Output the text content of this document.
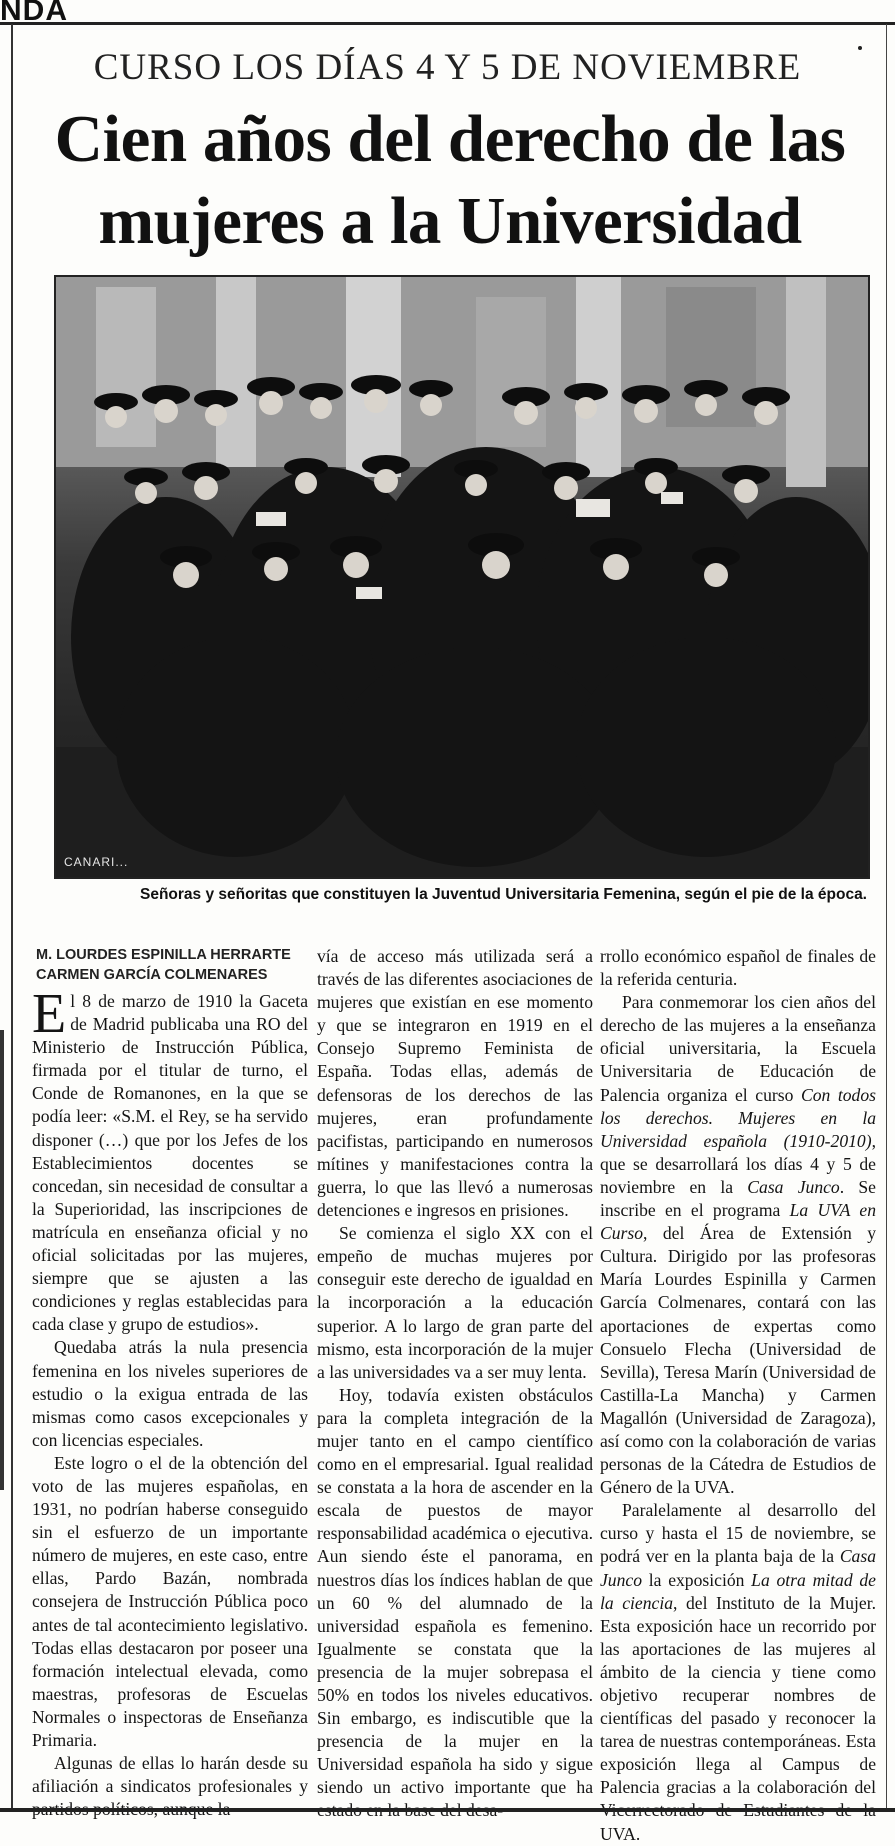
NDA
CURSO LOS DÍAS 4 Y 5 DE NOVIEMBRE
Cien años del derecho de las
mujeres a la Universidad
CANARI...
Señoras y señoritas que constituyen la Juventud Universitaria Femenina, según el pie de la época.
M. LOURDES ESPINILLA HERRARTE
CARMEN GARCÍA COLMENARES

El 8 de marzo de 1910 la Gaceta de Madrid publicaba una RO del Ministerio de Instrucción Pública, firmada por el titular de turno, el Conde de Romanones, en la que se podía leer: «S.M. el Rey, se ha servido disponer (…) que por los Jefes de los Establecimientos docentes se concedan, sin necesidad de consultar a la Superioridad, las inscripciones de matrícula en enseñanza oficial y no oficial solicitadas por las mujeres, siempre que se ajusten a las condiciones y reglas establecidas para cada clase y grupo de estudios».

Quedaba atrás la nula presencia femenina en los niveles superiores de estudio o la exigua entrada de las mismas como casos excepcionales y con licencias especiales.

Este logro o el de la obtención del voto de las mujeres españolas, en 1931, no podrían haberse conseguido sin el esfuerzo de un importante número de mujeres, en este caso, entre ellas, Pardo Bazán, nombrada consejera de Instrucción Pública poco antes de tal acontecimiento legislativo. Todas ellas destacaron por poseer una formación intelectual elevada, como maestras, profesoras de Escuelas Normales o inspectoras de Enseñanza Primaria.

Algunas de ellas lo harán desde su afiliación a sindicatos profesionales y

vía de acceso más utilizada será a través de las diferentes asociaciones de mujeres que existían en ese momento y que se integraron en 1919 en el Consejo Supremo Feminista de España. Todas ellas, además de defensoras de los derechos de las mujeres, eran profundamente pacifistas, participando en numerosos mítines y manifestaciones contra la guerra, lo que las llevó a numerosas detenciones e ingresos en prisiones.

Se comienza el siglo XX con el empeño de muchas mujeres por conseguir este derecho de igualdad en la incorporación a la educación superior. A lo largo de gran parte del mismo, esta incorporación de la mujer a las universidades va a ser muy lenta.

Hoy, todavía existen obstáculos para la completa integración de la mujer tanto en el campo científico como en el empresarial. Igual realidad se constata a la hora de ascender en la escala de puestos de mayor responsabilidad académica o ejecutiva. Aun siendo éste el panorama, en nuestros días los índices hablan de que un 60 % del alumnado de la universidad española es femenino. Igualmente se constata que la presencia de la mujer sobrepasa el 50% en todos los niveles educativos. Sin embargo, es indiscutible que la presencia de la mujer en la Universidad española ha sido y sigue siendo un activo importante que ha

rrollo económico español de finales de la referida centuria.

Para conmemorar los cien años del derecho de las mujeres a la enseñanza oficial universitaria, la Escuela Universitaria de Educación de Palencia organiza el curso Con todos los derechos. Mujeres en la Universidad española (1910-2010), que se desarrollará los días 4 y 5 de noviembre en la Casa Junco. Se inscribe en el programa La UVA en Curso, del Área de Extensión y Cultura. Dirigido por las profesoras María Lourdes Espinilla y Carmen García Colmenares, contará con las aportaciones de expertas como Consuelo Flecha (Universidad de Sevilla), Teresa Marín (Universidad de Castilla-La Mancha) y Carmen Magallón (Universidad de Zaragoza), así como con la colaboración de varias personas de la Cátedra de Estudios de Género de la UVA.

Paralelamente al desarrollo del curso y hasta el 15 de noviembre, se podrá ver en la planta baja de la Casa Junco la exposición La otra mitad de la ciencia, del Instituto de la Mujer. Esta exposición hace un recorrido por las aportaciones de las mujeres al ámbito de la ciencia y tiene como objetivo recuperar nombres de científicas del pasado y reconocer la tarea de nuestras contemporáneas. Esta exposición llega al Campus de Palencia gracias a la colaboración del UVA.
